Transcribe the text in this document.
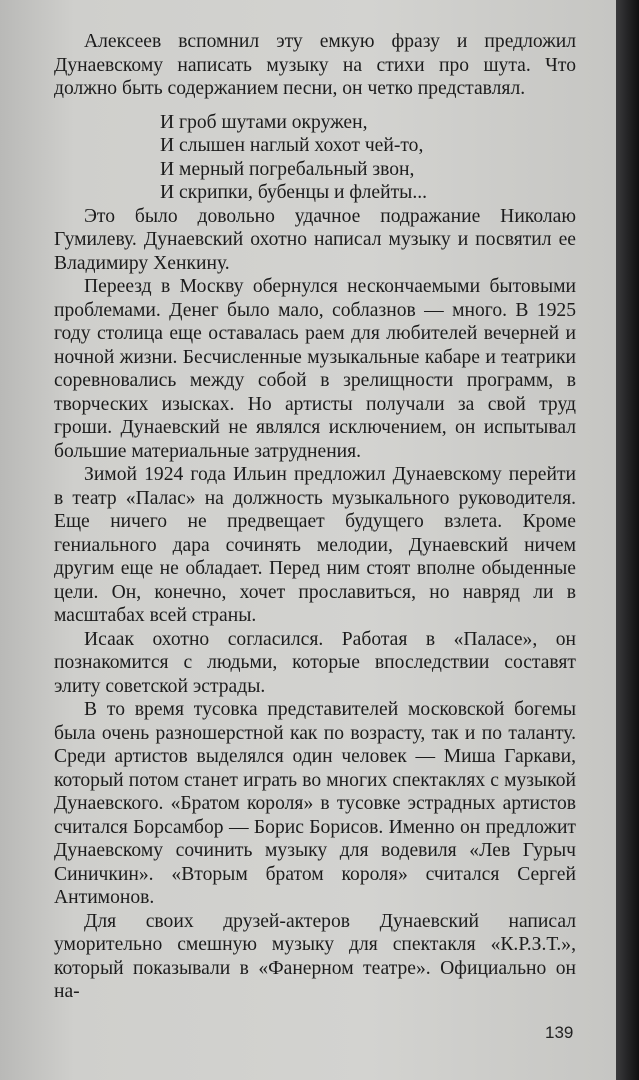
Алексеев вспомнил эту емкую фразу и предложил Дунаевскому написать музыку на стихи про шута. Что должно быть содержанием песни, он четко представлял.

И гроб шутами окружен,
И слышен наглый хохот чей-то,
И мерный погребальный звон,
И скрипки, бубенцы и флейты...

Это было довольно удачное подражание Николаю Гумилеву. Дунаевский охотно написал музыку и посвятил ее Владимиру Хенкину.

Переезд в Москву обернулся нескончаемыми бытовыми проблемами. Денег было мало, соблазнов — много. В 1925 году столица еще оставалась раем для любителей вечерней и ночной жизни. Бесчисленные музыкальные кабаре и театрики соревновались между собой в зрелищности программ, в творческих изысках. Но артисты получали за свой труд гроши. Дунаевский не являлся исключением, он испытывал большие материальные затруднения.

Зимой 1924 года Ильин предложил Дунаевскому перейти в театр «Палас» на должность музыкального руководителя. Еще ничего не предвещает будущего взлета. Кроме гениального дара сочинять мелодии, Дунаевский ничем другим еще не обладает. Перед ним стоят вполне обыденные цели. Он, конечно, хочет прославиться, но навряд ли в масштабах всей страны.

Исаак охотно согласился. Работая в «Паласе», он познакомится с людьми, которые впоследствии составят элиту советской эстрады.

В то время тусовка представителей московской богемы была очень разношерстной как по возрасту, так и по таланту. Среди артистов выделялся один человек — Миша Гаркави, который потом станет играть во многих спектаклях с музыкой Дунаевского. «Братом короля» в тусовке эстрадных артистов считался Борсамбор — Борис Борисов. Именно он предложит Дунаевскому сочинить музыку для водевиля «Лев Гурыч Синичкин». «Вторым братом короля» считался Сергей Антимонов.

Для своих друзей-актеров Дунаевский написал уморительно смешную музыку для спектакля «К.Р.З.Т.», который показывали в «Фанерном театре». Официально он на-

139
